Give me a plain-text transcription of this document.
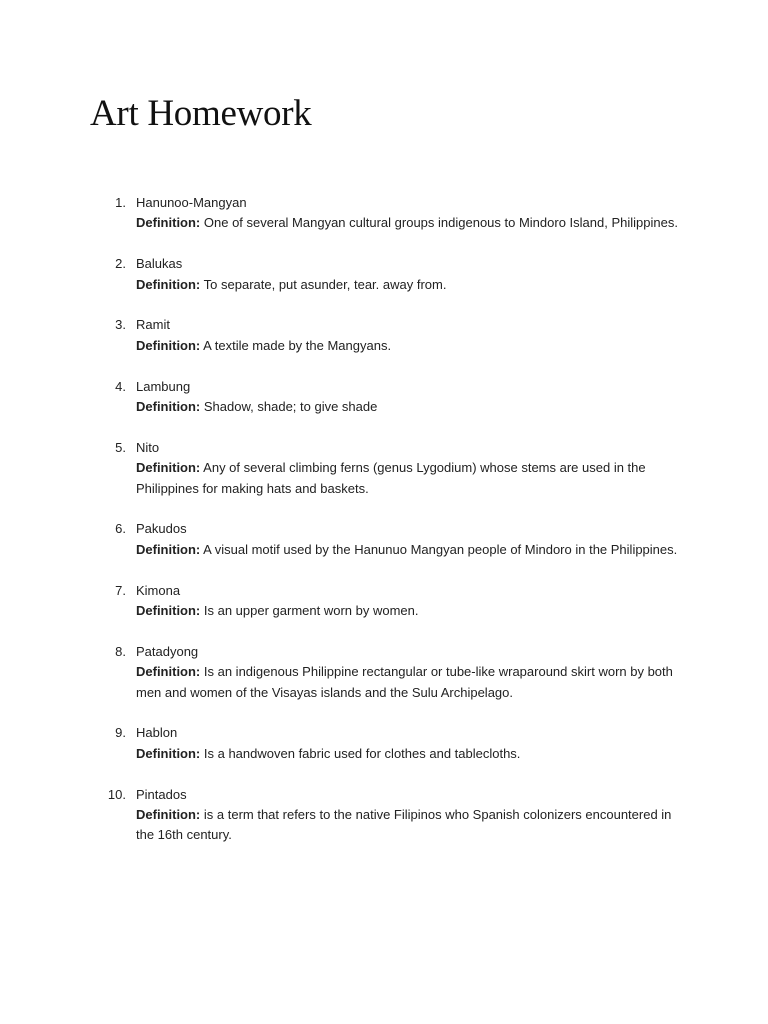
Art Homework
1. Hanunoo-Mangyan
Definition: One of several Mangyan cultural groups indigenous to Mindoro Island, Philippines.
2. Balukas
Definition: To separate, put asunder, tear. away from.
3. Ramit
Definition: A textile made by the Mangyans.
4. Lambung
Definition: Shadow, shade; to give shade
5. Nito
Definition: Any of several climbing ferns (genus Lygodium) whose stems are used in the Philippines for making hats and baskets.
6. Pakudos
Definition: A visual motif used by the Hanunuo Mangyan people of Mindoro in the Philippines.
7. Kimona
Definition: Is an upper garment worn by women.
8. Patadyong
Definition: Is an indigenous Philippine rectangular or tube-like wraparound skirt worn by both men and women of the Visayas islands and the Sulu Archipelago.
9. Hablon
Definition: Is a handwoven fabric used for clothes and tablecloths.
10. Pintados
Definition: is a term that refers to the native Filipinos who Spanish colonizers encountered in the 16th century.
